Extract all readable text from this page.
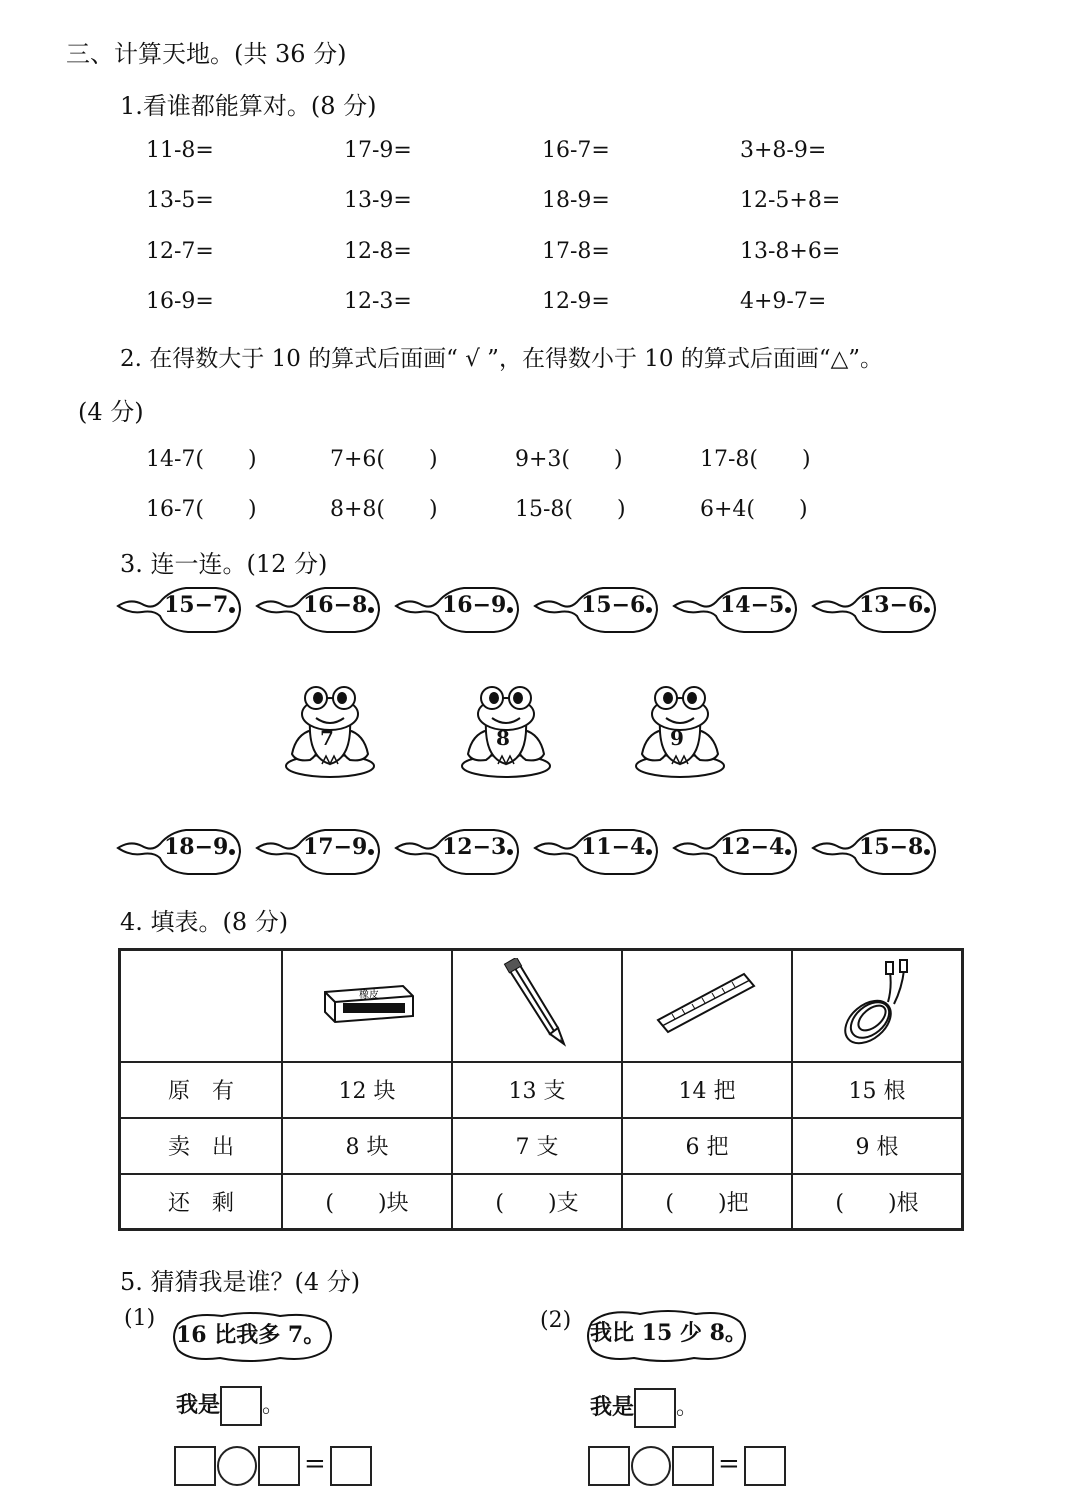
三、计算天地。(共 36 分)
1.看谁都能算对。(8 分)
11-8=	17-9=	16-7=	3+8-9=
13-5=	13-9=	18-9=	12-5+8=
12-7=	12-8=	17-8=	13-8+6=
16-9=	12-3=	12-9=	4+9-7=
2. 在得数大于 10 的算式后面画“ √ ”，在得数小于 10 的算式后面画“△”。
(4 分)
14-7(　　)	7+6(　　)	9+3(　　)	17-8(　　)
16-7(　　)	8+8(　　)	15-8(　　)	6+4(　　)
3. 连一连。(12 分)
15−7	16−8	16−9	15−6	14−5	13−6
7	8	9
18−9	17−9	12−3	11−4	12−4	15−8
4. 填表。(8 分)

橡皮

原　有	12 块	13 支	14 把	15 根
卖　出	8 块	7 支	6 把	9 根
还　剩	(　　)块	(　　)支	(　　)把	(　　)根
5. 猜猜我是谁？(4 分)
(1)
16 比我多 7。
我是 。
=
(2) 我比 15 少 8。
我是 。
=
